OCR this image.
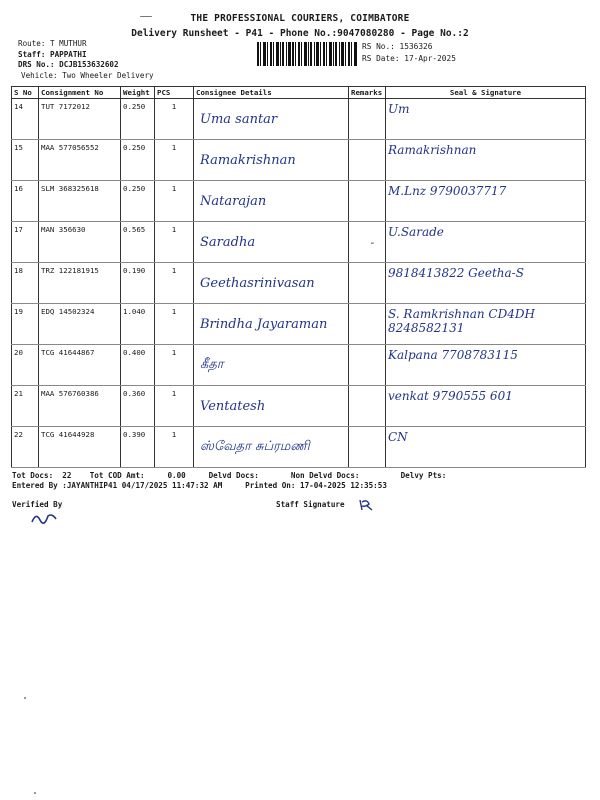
THE PROFESSIONAL COURIERS, COIMBATORE
Delivery Runsheet - P41 - Phone No.:9047080280 - Page No.:2
Route: T MUTHUR
Staff: PAPPATHI
DRS No.: DCJB153632602
Vehicle: Two Wheeler Delivery
RS No.: 1536326
RS Date: 17-Apr-2025
S No	Consignment No	Weight	PCS	Consignee Details	Remarks	Seal & Signature
14	TUT 7172012	0.250	1	Uma santar		Um
15	MAA 577056552	0.250	1	Ramakrishnan		Ramakrishnan
16	SLM 368325618	0.250	1	Natarajan		M.Lnz 9790037717
17	MAN 356630	0.565	1	Saradha	-	U.Sarade
18	TRZ 122181915	0.190	1	Geethasrinivasan		9818413822 Geetha-S
19	EDQ 14502324	1.040	1	Brindha Jayaraman		S. Ramkrishnan CD4DH 8248582131
20	TCG 41644867	0.400	1	கீதா		Kalpana 7708783115
21	MAA 576760386	0.360	1	Ventatesh		venkat 9790555 601
22	TCG 41644928	0.390	1	ஸ்வேதா சுப்ரமணி		CN
Tot Docs:  22    Tot COD Amt:     0.00     Delvd Docs:       Non Delvd Docs:         Delvy Pts:
Entered By :JAYANTHIP41 04/17/2025 11:47:32 AM     Printed On: 17-04-2025 12:35:53
Verified By	Staff Signature
